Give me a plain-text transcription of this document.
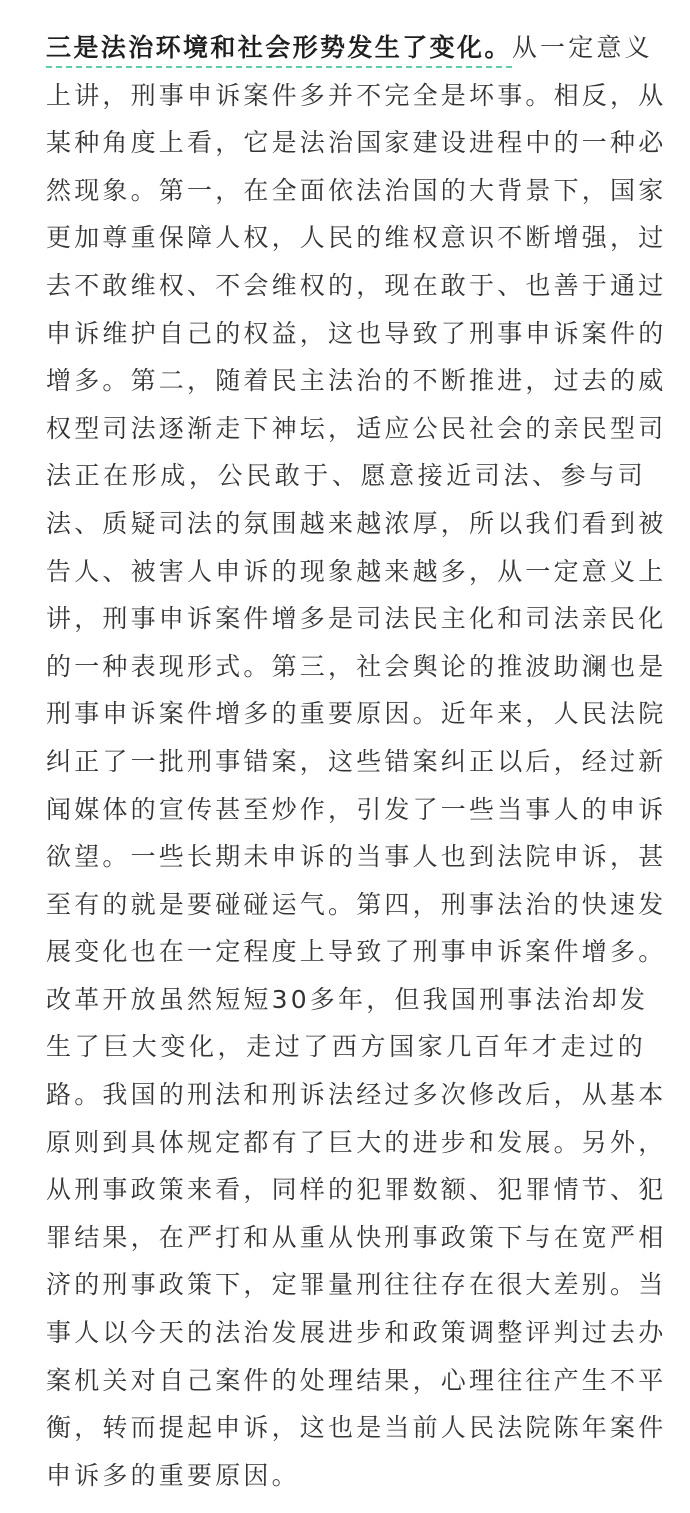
三是法治环境和社会形势发生了变化。从一定意义
上讲，刑事申诉案件多并不完全是坏事。相反，从
某种角度上看，它是法治国家建设进程中的一种必
然现象。第一，在全面依法治国的大背景下，国家
更加尊重保障人权，人民的维权意识不断增强，过
去不敢维权、不会维权的，现在敢于、也善于通过
申诉维护自己的权益，这也导致了刑事申诉案件的
增多。第二，随着民主法治的不断推进，过去的威
权型司法逐渐走下神坛，适应公民社会的亲民型司
法正在形成，公民敢于、愿意接近司法、参与司
法、质疑司法的氛围越来越浓厚，所以我们看到被
告人、被害人申诉的现象越来越多，从一定意义上
讲，刑事申诉案件增多是司法民主化和司法亲民化
的一种表现形式。第三，社会舆论的推波助澜也是
刑事申诉案件增多的重要原因。近年来，人民法院
纠正了一批刑事错案，这些错案纠正以后，经过新
闻媒体的宣传甚至炒作，引发了一些当事人的申诉
欲望。一些长期未申诉的当事人也到法院申诉，甚
至有的就是要碰碰运气。第四，刑事法治的快速发
展变化也在一定程度上导致了刑事申诉案件增多。
改革开放虽然短短30多年，但我国刑事法治却发
生了巨大变化，走过了西方国家几百年才走过的
路。我国的刑法和刑诉法经过多次修改后，从基本
原则到具体规定都有了巨大的进步和发展。另外，
从刑事政策来看，同样的犯罪数额、犯罪情节、犯
罪结果，在严打和从重从快刑事政策下与在宽严相
济的刑事政策下，定罪量刑往往存在很大差别。当
事人以今天的法治发展进步和政策调整评判过去办
案机关对自己案件的处理结果，心理往往产生不平
衡，转而提起申诉，这也是当前人民法院陈年案件
申诉多的重要原因。
